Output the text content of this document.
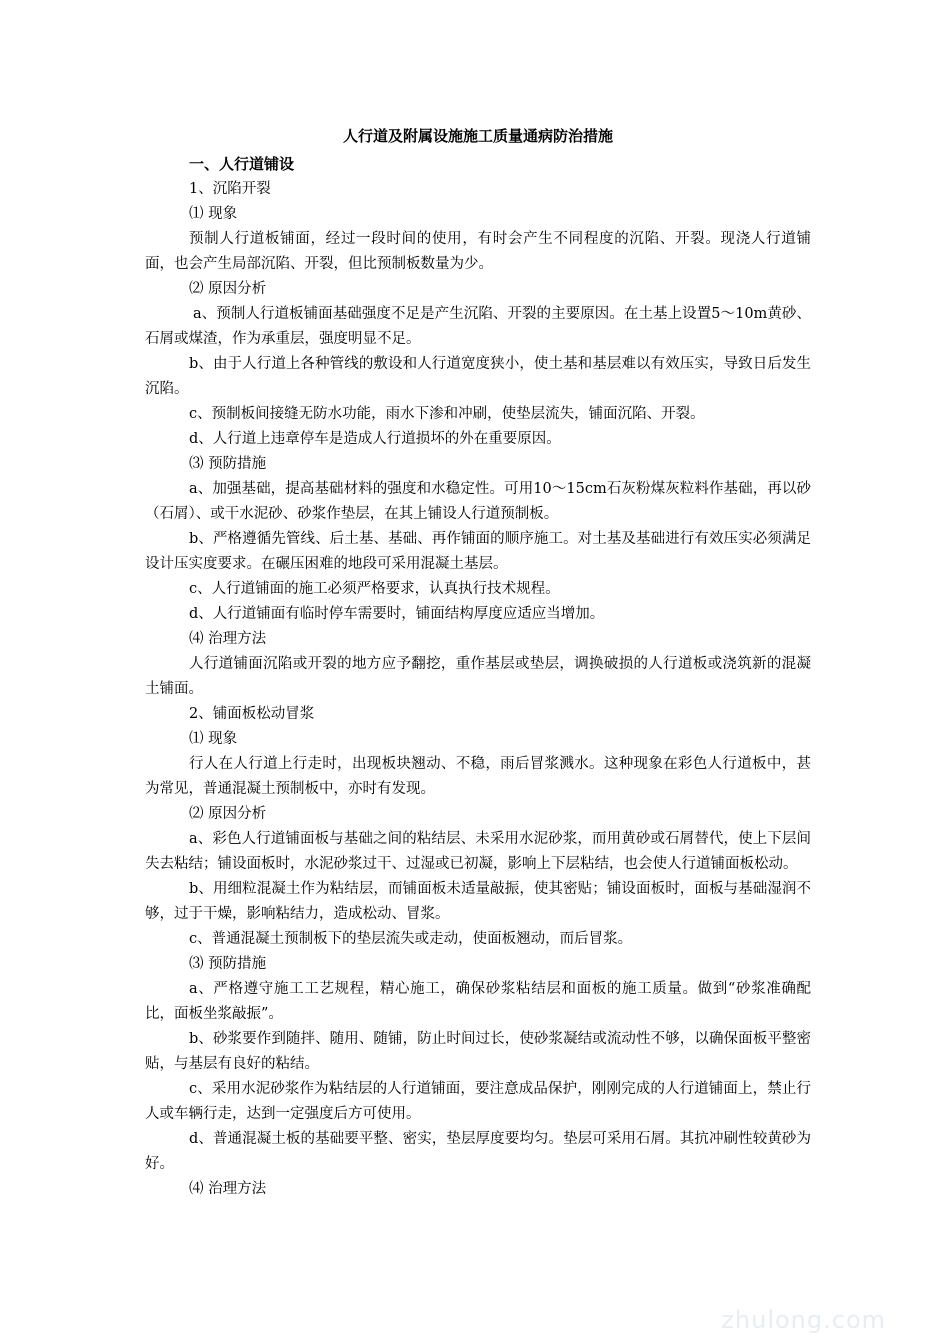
人行道及附属设施施工质量通病防治措施

一、人行道铺设

1、沉陷开裂

⑴ 现象

预制人行道板铺面，经过一段时间的使用，有时会产生不同程度的沉陷、开裂。现浇人行道铺面，也会产生局部沉陷、开裂，但比预制板数量为少。

⑵ 原因分析

a、预制人行道板铺面基础强度不足是产生沉陷、开裂的主要原因。在土基上设置5～10m黄砂、石屑或煤渣，作为承重层，强度明显不足。

b、由于人行道上各种管线的敷设和人行道宽度狭小，使土基和基层难以有效压实，导致日后发生沉陷。

c、预制板间接缝无防水功能，雨水下渗和冲刷，使垫层流失，铺面沉陷、开裂。

d、人行道上违章停车是造成人行道损坏的外在重要原因。

⑶ 预防措施

a、加强基础，提高基础材料的强度和水稳定性。可用10～15cm石灰粉煤灰粒料作基础，再以砂（石屑）、或干水泥砂、砂浆作垫层，在其上铺设人行道预制板。

b、严格遵循先管线、后土基、基础、再作铺面的顺序施工。对土基及基础进行有效压实必须满足设计压实度要求。在碾压困难的地段可采用混凝土基层。

c、人行道铺面的施工必须严格要求，认真执行技术规程。

d、人行道铺面有临时停车需要时，铺面结构厚度应适应当增加。

⑷ 治理方法

人行道铺面沉陷或开裂的地方应予翻挖，重作基层或垫层，调换破损的人行道板或浇筑新的混凝土铺面。

2、铺面板松动冒浆

⑴ 现象

行人在人行道上行走时，出现板块翘动、不稳，雨后冒浆溅水。这种现象在彩色人行道板中，甚为常见，普通混凝土预制板中，亦时有发现。

⑵ 原因分析

a、彩色人行道铺面板与基础之间的粘结层、未采用水泥砂浆，而用黄砂或石屑替代，使上下层间失去粘结；铺设面板时，水泥砂浆过干、过湿或已初凝，影响上下层粘结，也会使人行道铺面板松动。

b、用细粒混凝土作为粘结层，而铺面板未适量敲振，使其密贴；铺设面板时，面板与基础湿润不够，过于干燥，影响粘结力，造成松动、冒浆。

c、普通混凝土预制板下的垫层流失或走动，使面板翘动，而后冒浆。

⑶ 预防措施

a、严格遵守施工工艺规程，精心施工，确保砂浆粘结层和面板的施工质量。做到“砂浆准确配比，面板坐浆敲振”。

b、砂浆要作到随拌、随用、随铺，防止时间过长，使砂浆凝结或流动性不够，以确保面板平整密贴，与基层有良好的粘结。

c、采用水泥砂浆作为粘结层的人行道铺面，要注意成品保护，刚刚完成的人行道铺面上，禁止行人或车辆行走，达到一定强度后方可使用。

d、普通混凝土板的基础要平整、密实，垫层厚度要均匀。垫层可采用石屑。其抗冲刷性较黄砂为好。

⑷ 治理方法

zhulong.com
